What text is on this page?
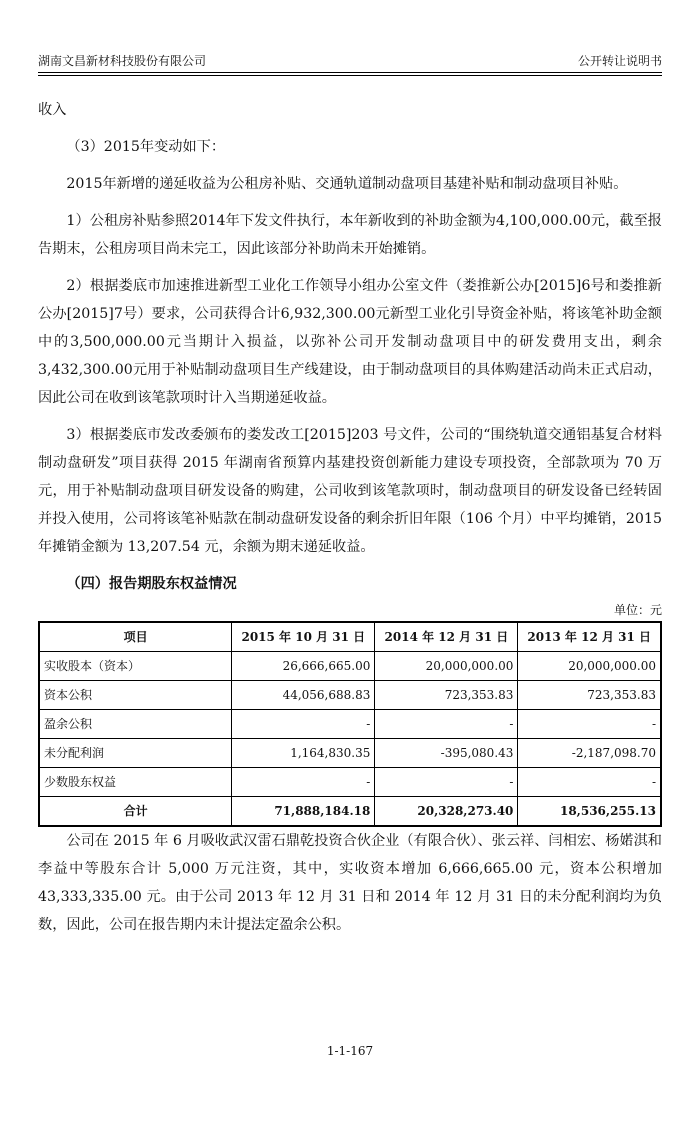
湖南文昌新材科技股份有限公司	公开转让说明书

收入

（3）2015年变动如下：

2015年新增的递延收益为公租房补贴、交通轨道制动盘项目基建补贴和制动盘项目补贴。

1）公租房补贴参照2014年下发文件执行，本年新收到的补助金额为4,100,000.00元，截至报告期末，公租房项目尚未完工，因此该部分补助尚未开始摊销。

2）根据娄底市加速推进新型工业化工作领导小组办公室文件（娄推新公办[2015]6号和娄推新公办[2015]7号）要求，公司获得合计6,932,300.00元新型工业化引导资金补贴，将该笔补助金额中的3,500,000.00元当期计入损益，以弥补公司开发制动盘项目中的研发费用支出，剩余3,432,300.00元用于补贴制动盘项目生产线建设，由于制动盘项目的具体购建活动尚未正式启动，因此公司在收到该笔款项时计入当期递延收益。

3）根据娄底市发改委颁布的娄发改工[2015]203 号文件，公司的“围绕轨道交通铝基复合材料制动盘研发”项目获得 2015 年湖南省预算内基建投资创新能力建设专项投资，全部款项为 70 万元，用于补贴制动盘项目研发设备的购建，公司收到该笔款项时，制动盘项目的研发设备已经转固并投入使用，公司将该笔补贴款在制动盘研发设备的剩余折旧年限（106 个月）中平均摊销，2015 年摊销金额为 13,207.54 元，余额为期末递延收益。

（四）报告期股东权益情况

单位：元
项目	2015 年 10 月 31 日	2014 年 12 月 31 日	2013 年 12 月 31 日
实收股本（资本）	26,666,665.00	20,000,000.00	20,000,000.00
资本公积	44,056,688.83	723,353.83	723,353.83
盈余公积	-	-	-
未分配利润	1,164,830.35	-395,080.43	-2,187,098.70
少数股东权益	-	-	-
合计	71,888,184.18	20,328,273.40	18,536,255.13

公司在 2015 年 6 月吸收武汉雷石鼎乾投资合伙企业（有限合伙）、张云祥、闫相宏、杨婼淇和李益中等股东合计 5,000 万元注资，其中，实收资本增加 6,666,665.00 元，资本公积增加 43,333,335.00 元。由于公司 2013 年 12 月 31 日和 2014 年 12 月 31 日的未分配利润均为负数，因此，公司在报告期内未计提法定盈余公积。

1-1-167
